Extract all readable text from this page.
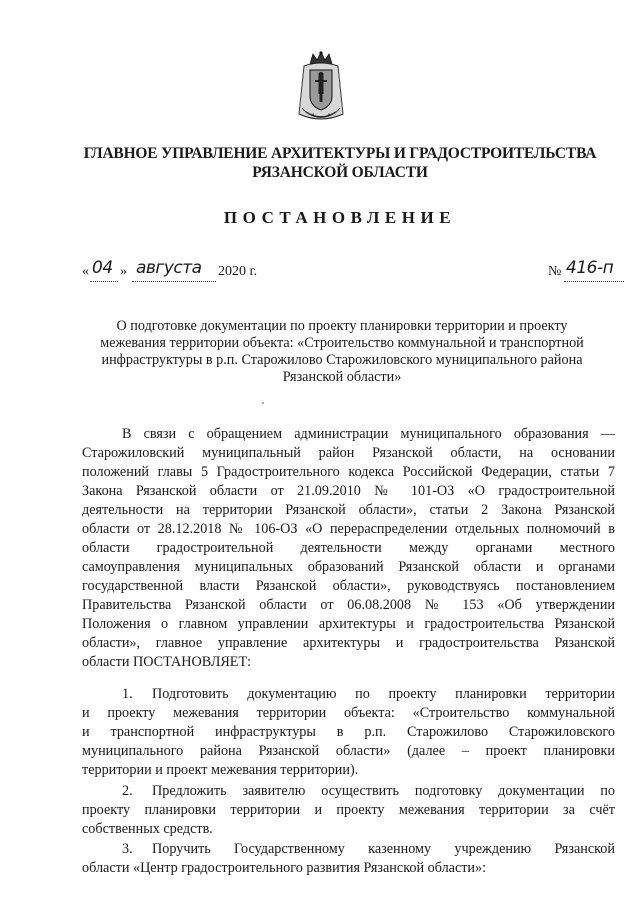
ГЛАВНОЕ УПРАВЛЕНИЕ АРХИТЕКТУРЫ И ГРАДОСТРОИТЕЛЬСТВА
РЯЗАНСКОЙ ОБЛАСТИ
ПОСТАНОВЛЕНИЕ
« 04 » августа 2020 г.	№ 416-п
О подготовке документации по проекту планировки территории и проекту
межевания территории объекта: «Строительство коммунальной и транспортной
инфраструктуры в р.п. Старожилово Старожиловского муниципального района
Рязанской области»
В связи с обращением администрации муниципального образования —
Старожиловский муниципальный район Рязанской области, на основании
положений главы 5 Градостроительного кодекса Российской Федерации, статьи 7
Закона Рязанской области от 21.09.2010 № 101-ОЗ «О градостроительной
деятельности на территории Рязанской области», статьи 2 Закона Рязанской
области от 28.12.2018 № 106-ОЗ «О перераспределении отдельных полномочий в
области градостроительной деятельности между органами местного
самоуправления муниципальных образований Рязанской области и органами
государственной власти Рязанской области», руководствуясь постановлением
Правительства Рязанской области от 06.08.2008 № 153 «Об утверждении
Положения о главном управлении архитектуры и градостроительства Рязанской
области», главное управление архитектуры и градостроительства Рязанской
области ПОСТАНОВЛЯЕТ:
1. Подготовить документацию по проекту планировки территории
и проекту межевания территории объекта: «Строительство коммунальной
и транспортной инфраструктуры в р.п. Старожилово Старожиловского
муниципального района Рязанской области» (далее – проект планировки
территории и проект межевания территории).
2. Предложить заявителю осуществить подготовку документации по
проекту планировки территории и проекту межевания территории за счёт
собственных средств.
3. Поручить Государственному казенному учреждению Рязанской
области «Центр градостроительного развития Рязанской области»:
